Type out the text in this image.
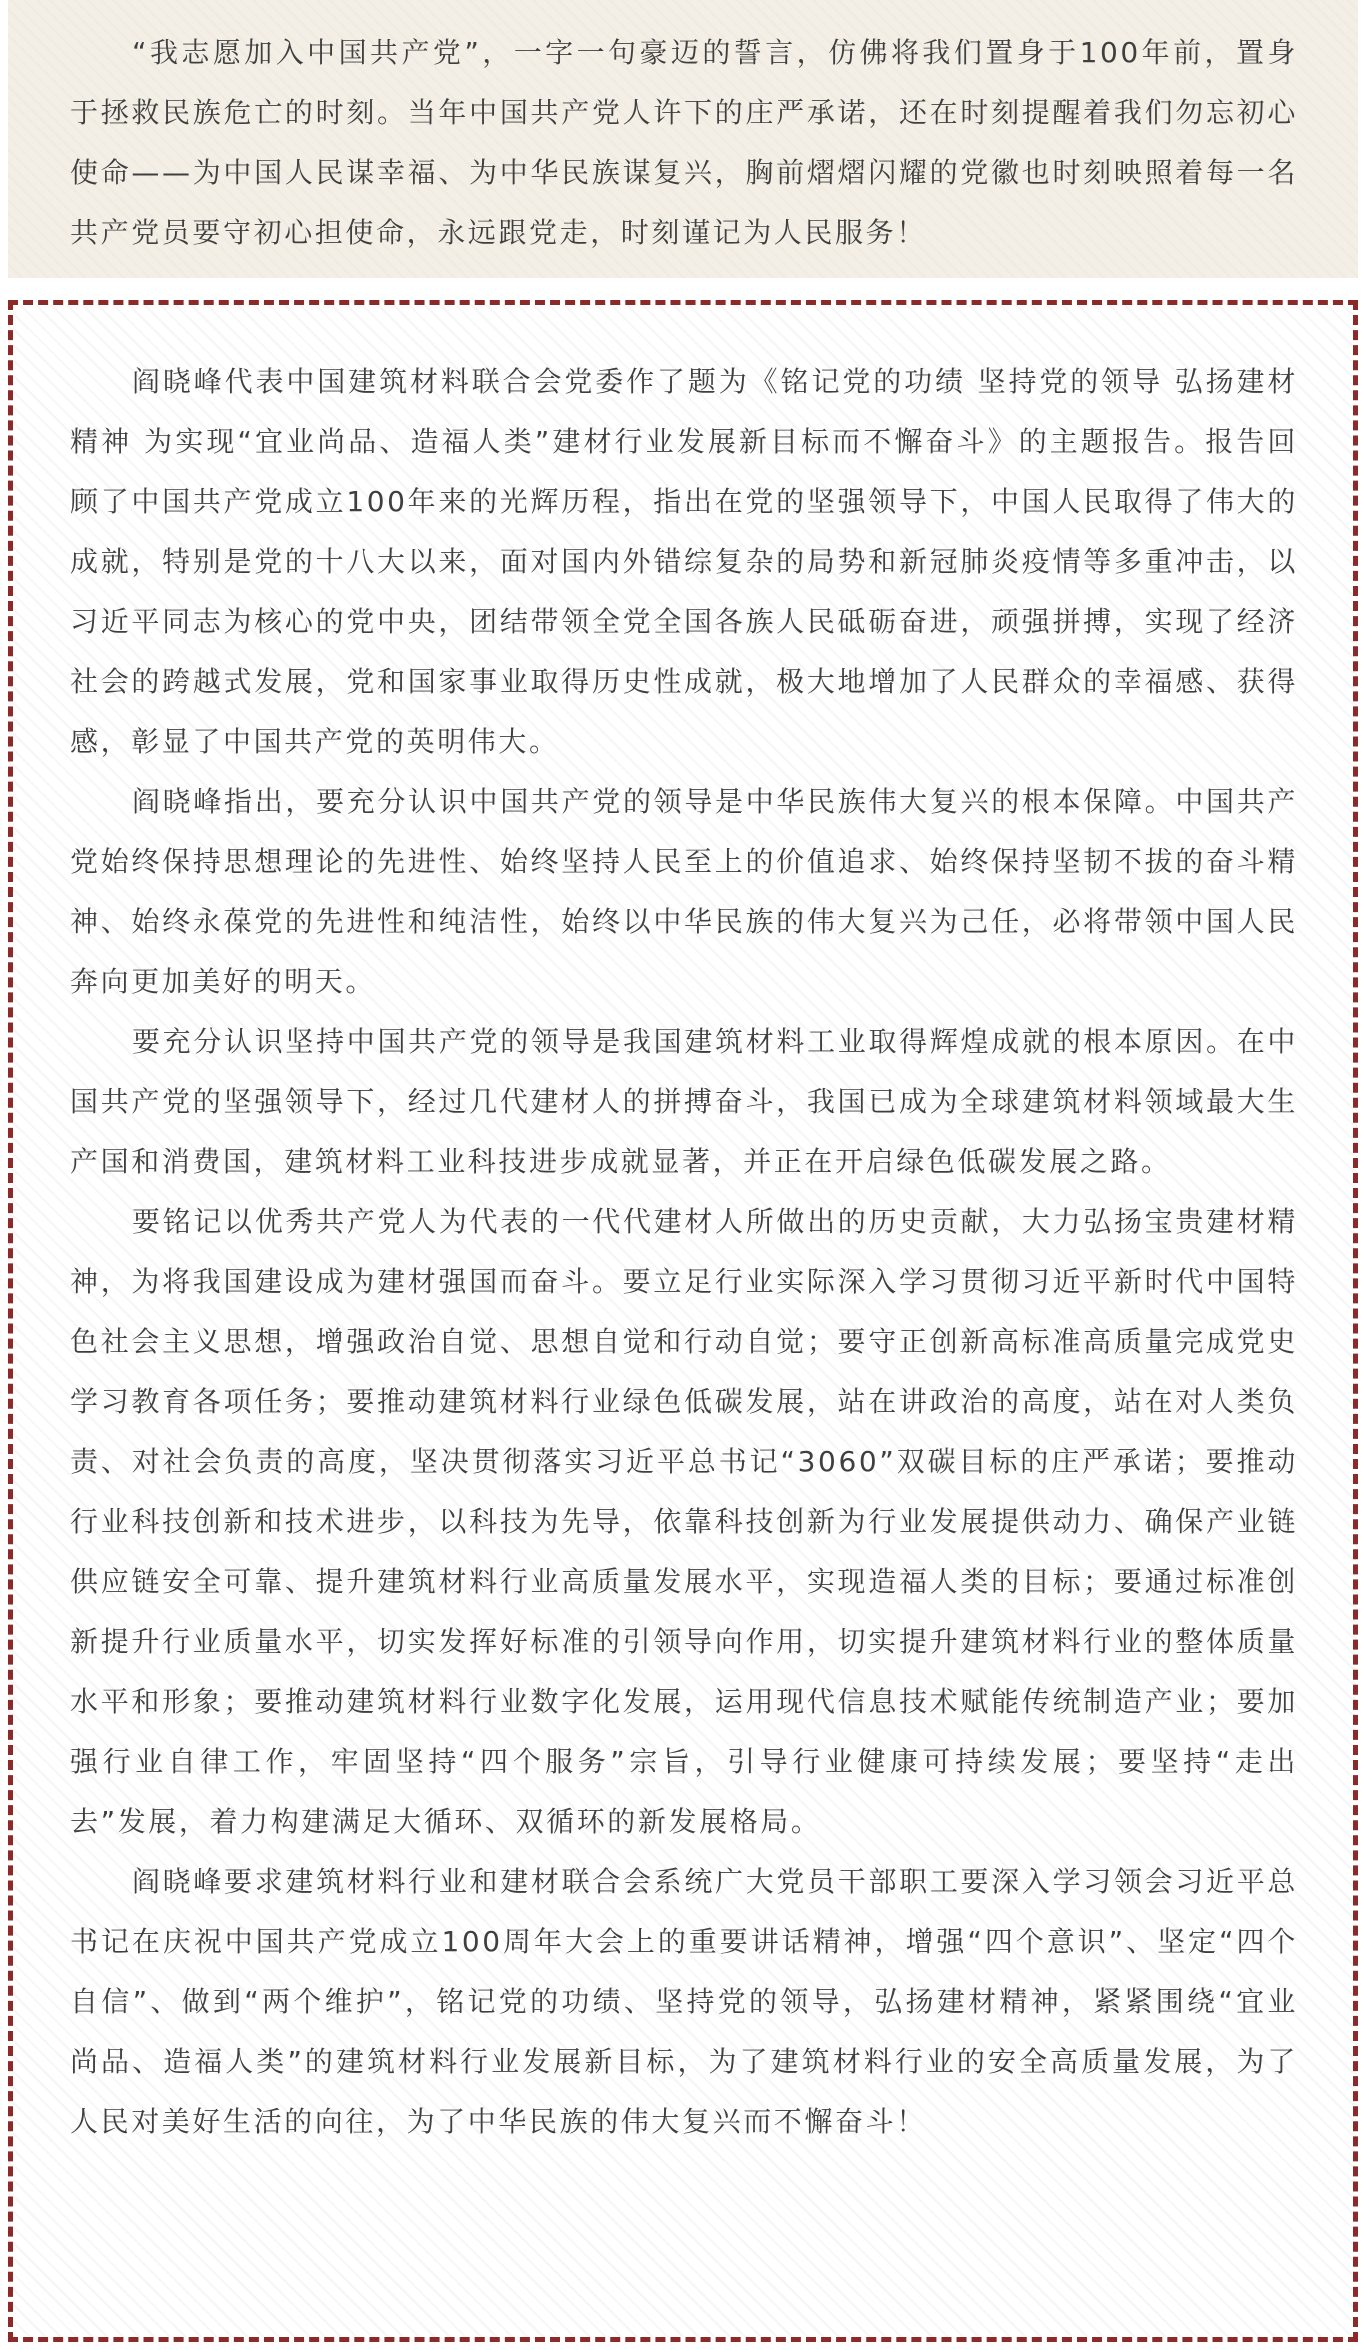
“我志愿加入中国共产党”，一字一句豪迈的誓言，仿佛将我们置身于100年前，置身于拯救民族危亡的时刻。当年中国共产党人许下的庄严承诺，还在时刻提醒着我们勿忘初心使命——为中国人民谋幸福、为中华民族谋复兴，胸前熠熠闪耀的党徽也时刻映照着每一名共产党员要守初心担使命，永远跟党走，时刻谨记为人民服务！

阎晓峰代表中国建筑材料联合会党委作了题为《铭记党的功绩 坚持党的领导 弘扬建材精神 为实现“宜业尚品、造福人类”建材行业发展新目标而不懈奋斗》的主题报告。报告回顾了中国共产党成立100年来的光辉历程，指出在党的坚强领导下，中国人民取得了伟大的成就，特别是党的十八大以来，面对国内外错综复杂的局势和新冠肺炎疫情等多重冲击，以习近平同志为核心的党中央，团结带领全党全国各族人民砥砺奋进，顽强拼搏，实现了经济社会的跨越式发展，党和国家事业取得历史性成就，极大地增加了人民群众的幸福感、获得感，彰显了中国共产党的英明伟大。

阎晓峰指出，要充分认识中国共产党的领导是中华民族伟大复兴的根本保障。中国共产党始终保持思想理论的先进性、始终坚持人民至上的价值追求、始终保持坚韧不拔的奋斗精神、始终永葆党的先进性和纯洁性，始终以中华民族的伟大复兴为己任，必将带领中国人民奔向更加美好的明天。

要充分认识坚持中国共产党的领导是我国建筑材料工业取得辉煌成就的根本原因。在中国共产党的坚强领导下，经过几代建材人的拼搏奋斗，我国已成为全球建筑材料领域最大生产国和消费国，建筑材料工业科技进步成就显著，并正在开启绿色低碳发展之路。

要铭记以优秀共产党人为代表的一代代建材人所做出的历史贡献，大力弘扬宝贵建材精神，为将我国建设成为建材强国而奋斗。要立足行业实际深入学习贯彻习近平新时代中国特色社会主义思想，增强政治自觉、思想自觉和行动自觉；要守正创新高标准高质量完成党史学习教育各项任务；要推动建筑材料行业绿色低碳发展，站在讲政治的高度，站在对人类负责、对社会负责的高度，坚决贯彻落实习近平总书记“3060”双碳目标的庄严承诺；要推动行业科技创新和技术进步，以科技为先导，依靠科技创新为行业发展提供动力、确保产业链供应链安全可靠、提升建筑材料行业高质量发展水平，实现造福人类的目标；要通过标准创新提升行业质量水平，切实发挥好标准的引领导向作用，切实提升建筑材料行业的整体质量水平和形象；要推动建筑材料行业数字化发展，运用现代信息技术赋能传统制造产业；要加强行业自律工作，牢固坚持“四个服务”宗旨，引导行业健康可持续发展；要坚持“走出去”发展，着力构建满足大循环、双循环的新发展格局。

阎晓峰要求建筑材料行业和建材联合会系统广大党员干部职工要深入学习领会习近平总书记在庆祝中国共产党成立100周年大会上的重要讲话精神，增强“四个意识”、坚定“四个自信”、做到“两个维护”，铭记党的功绩、坚持党的领导，弘扬建材精神，紧紧围绕“宜业尚品、造福人类”的建筑材料行业发展新目标，为了建筑材料行业的安全高质量发展，为了人民对美好生活的向往，为了中华民族的伟大复兴而不懈奋斗！
